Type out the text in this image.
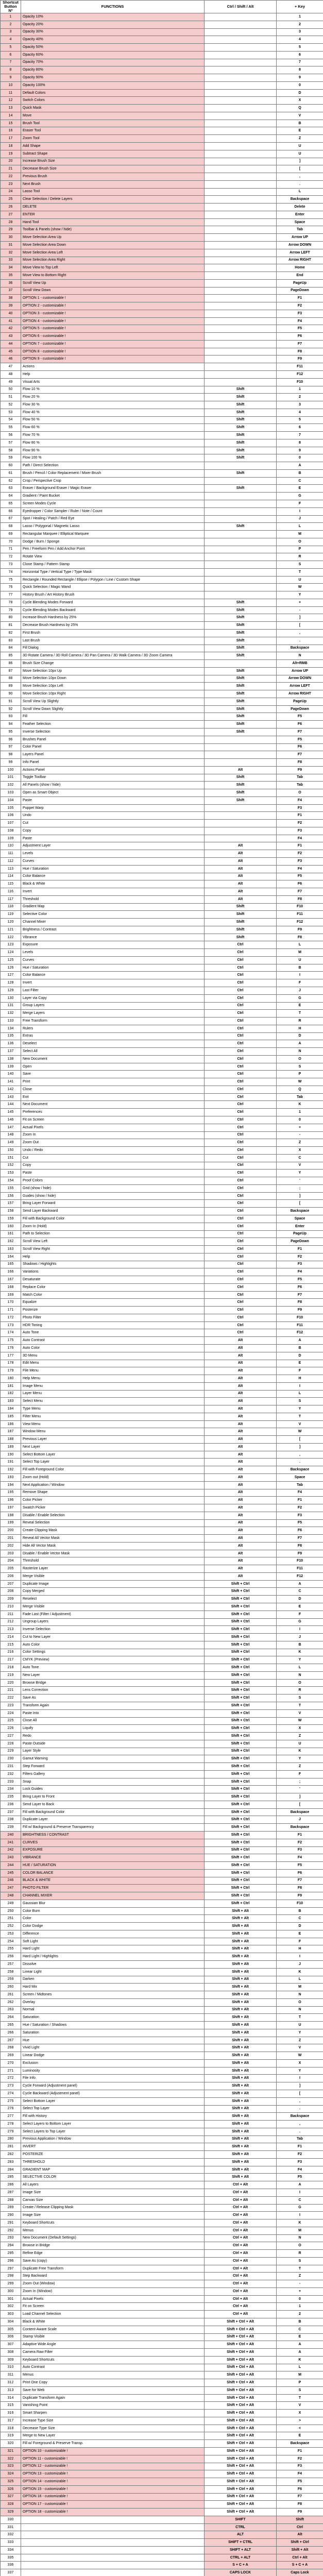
Shortcut Button Nº	FUNCTIONS	Ctrl / Shift / Alt	+ Key
1	Opacity 10%		1
2	Opacity 20%		2
3	Opacity 30%		3
4	Opacity 40%		4
5	Opacity 50%		5
6	Opacity 60%		6
7	Opacity 70%		7
8	Opacity 80%		8
9	Opacity 90%		9
10	Opacity 100%		0
11	Default Colors		D
12	Switch Colors		X
13	Quick Mask		Q
14	Move		V
15	Brush Tool		B
16	Eraser Tool		E
17	Zoom Tool		Z
18	Add Shape		U
19	Subtract Shape		U
20	Increase Brush Size		]
21	Decrease Brush Size		[
22	Previous Brush		,
23	Next Brush		.
24	Lasso Tool		L
25	Clear Selection / Delete Layers		Backspace
26	DELETE		Delete
27	ENTER		Enter
28	Hand Tool		Space
29	Toolbar & Panels (show / hide)		Tab
30	Move Selection Area Up		Arrow UP
31	Move Selection Area Down		Arrow DOWN
32	Move Selection Area Left		Arrow LEFT
33	Move Selection Area Right		Arrow RIGHT
34	Move View to Top Left		Home
35	Move View to Bottom Right		End
36	Scroll View Up		PageUp
37	Scroll View Down		PageDown
38	OPTION 1 - customizable !		F1
39	OPTION 2 - customizable !		F2
40	OPTION 3 - customizable !		F3
41	OPTION 4 - customizable !		F4
42	OPTION 5 - customizable !		F5
43	OPTION 6 - customizable !		F6
44	OPTION 7 - customizable !		F7
45	OPTION 8 - customizable !		F8
46	OPTION 9 - customizable !		F9
47	Actions		F11
48	Help		F12
49	Visual Arts		F10
50	Flow 10 %	Shift	1
51	Flow 20 %	Shift	2
52	Flow 30 %	Shift	3
53	Flow 40 %	Shift	4
54	Flow 50 %	Shift	5
55	Flow 60 %	Shift	6
56	Flow 70 %	Shift	7
57	Flow 80 %	Shift	8
58	Flow 90 %	Shift	9
59	Flow 100 %	Shift	0
60	Path / Direct Selection		A
61	Brush / Pencil / Color Replacement / Mixer Brush	Shift	B
62	Crop / Perspective Crop		C
63	Eraser / Background Eraser / Magic Eraser	Shift	E
64	Gradient / Paint Bucket		G
65	Screen Modes Cycle		F
66	Eyedropper / Color Sampler / Ruler / Note / Count		I
67	Spot / Healing / Patch / Red Eye		J
68	Lasso / Polygonal / Magnetic Lasso	Shift	L
69	Rectangular Marquee / Elliptical Marquee		M
70	Dodge / Burn / Sponge		O
71	Pen / Freeform Pen / Add Anchor Point		P
72	Rotate View		R
73	Clone Stamp / Pattern Stamp		S
74	Horizontal Type / Vertical Type / Type Mask		T
75	Rectangle / Rounded Rectangle / Ellipse / Polygon / Line / Custom Shape		U
76	Quick Selection / Magic Wand		W
77	History Brush / Art History Brush		Y
78	Cycle Blending Modes Forward	Shift	+
79	Cycle Blending Modes Backward	Shift	-
80	Increase Brush Hardness by 25%	Shift	]
81	Decrease Brush Hardness by 25%	Shift	[
82	First Brush	Shift	,
83	Last Brush	Shift	.
84	Fill Dialog	Shift	Backspace
85	3D Rotate Camera / 3D Roll Camera / 3D Pan Camera / 3D Walk Camera / 3D Zoom Camera	Shift	N
86	Brush Size Change		Alt+RMB
87	Move Selection 10px Up	Shift	Arrow UP
88	Move Selection 10px Down	Shift	Arrow DOWN
89	Move Selection 10px Left	Shift	Arrow LEFT
90	Move Selection 10px Right	Shift	Arrow RIGHT
91	Scroll View Up Slightly	Shift	PageUp
92	Scroll View Down Slightly	Shift	PageDown
93	Fill	Shift	F5
94	Feather Selection	Shift	F6
95	Inverse Selection	Shift	F7
96	Brushes Panel		F5
97	Color Panel		F6
98	Layers Panel		F7
99	Info Panel		F8
100	Actions Panel	Alt	F9
101	Toggle Toolbar	Shift	Tab
102	All Panels (show / hide)	Shift	Tab
103	Open as Smart Object	Shift	O
104	Paste	Shift	F4
105	Puppet Warp		F3
106	Undo		F1
107	Cut		F2
108	Copy		F3
109	Paste		F4
110	Adjustment Layer	Alt	F1
111	Levels	Alt	F2
112	Curves	Alt	F3
113	Hue / Saturation	Alt	F4
114	Color Balance	Alt	F5
115	Black & White	Alt	F6
116	Invert	Alt	F7
117	Threshold	Alt	F8
118	Gradient Map	Shift	F10
119	Selective Color	Shift	F11
120	Channel Mixer	Shift	F12
121	Brightness / Contrast	Shift	F9
122	Vibrance	Shift	F8
123	Exposure	Ctrl	L
124	Levels	Ctrl	M
125	Curves	Ctrl	U
126	Hue / Saturation	Ctrl	B
127	Color Balance	Ctrl	I
128	Invert	Ctrl	F
129	Last Filter	Ctrl	J
130	Layer via Copy	Ctrl	G
131	Group Layers	Ctrl	E
132	Merge Layers	Ctrl	T
133	Free Transform	Ctrl	R
134	Rulers	Ctrl	H
135	Extras	Ctrl	D
136	Deselect	Ctrl	A
137	Select All	Ctrl	N
138	New Document	Ctrl	O
139	Open	Ctrl	S
140	Save	Ctrl	P
141	Print	Ctrl	W
142	Close	Ctrl	Q
143	Exit	Ctrl	Tab
144	Next Document	Ctrl	K
145	Preferences	Ctrl	1
146	Fit on Screen	Ctrl	0
147	Actual Pixels	Ctrl	+
148	Zoom In	Ctrl	-
149	Zoom Out	Ctrl	Z
150	Undo / Redo	Ctrl	X
151	Cut	Ctrl	C
152	Copy	Ctrl	V
153	Paste	Ctrl	Y
154	Proof Colors	Ctrl	'
155	Grid (show / hide)	Ctrl	;
156	Guides (show / hide)	Ctrl	]
157	Bring Layer Forward	Ctrl	[
158	Send Layer Backward	Ctrl	Backspace
159	Fill with Background Color	Ctrl	Space
160	Zoom In (Hold)	Ctrl	Enter
161	Path to Selection	Ctrl	PageUp
162	Scroll View Left	Ctrl	PageDown
163	Scroll View Right	Ctrl	F1
164	Help	Ctrl	F2
165	Shadows / Highlights	Ctrl	F3
166	Variations	Ctrl	F4
167	Desaturate	Ctrl	F5
168	Replace Color	Ctrl	F6
169	Match Color	Ctrl	F7
170	Equalize	Ctrl	F8
171	Posterize	Ctrl	F9
172	Photo Filter	Ctrl	F10
173	HDR Toning	Ctrl	F11
174	Auto Tone	Ctrl	F12
175	Auto Contrast	Alt	A
176	Auto Color	Alt	B
177	3D Menu	Alt	D
178	Edit Menu	Alt	E
179	File Menu	Alt	F
180	Help Menu	Alt	H
181	Image Menu	Alt	I
182	Layer Menu	Alt	L
183	Select Menu	Alt	S
184	Type Menu	Alt	Y
185	Filter Menu	Alt	T
186	View Menu	Alt	V
187	Window Menu	Alt	W
188	Previous Layer	Alt	[
189	Next Layer	Alt	]
190	Select Bottom Layer	Alt	,
191	Select Top Layer	Alt	.
192	Fill with Foreground Color	Alt	Backspace
193	Zoom out (Hold)	Alt	Space
194	Next Application / Window	Alt	Tab
195	Remove Shape	Alt	F4
196	Color Picker	Alt	F1
197	Swatch Picker	Alt	F2
198	Disable / Enable Selection	Alt	F3
199	Reveal Selection	Alt	F5
200	Create Clipping Mask	Alt	F6
201	Reveal All Vector Mask	Alt	F7
202	Hide All Vector Mask	Alt	F8
203	Disable / Enable Vector Mask	Alt	F9
204	Threshold	Alt	F10
205	Rasterize Layer	Alt	F11
206	Merge Visible	Alt	F12
207	Duplicate Image	Shift + Ctrl	A
208	Copy Merged	Shift + Ctrl	C
209	Reselect	Shift + Ctrl	D
210	Merge Visible	Shift + Ctrl	E
211	Fade Last (Filter / Adjustment)	Shift + Ctrl	F
212	Ungroup Layers	Shift + Ctrl	G
213	Inverse Selection	Shift + Ctrl	I
214	Cut to New Layer	Shift + Ctrl	J
215	Auto Color	Shift + Ctrl	B
216	Color Settings	Shift + Ctrl	K
217	CMYK (Preview)	Shift + Ctrl	Y
218	Auto Tone	Shift + Ctrl	L
219	New Layer	Shift + Ctrl	N
220	Browse Bridge	Shift + Ctrl	O
221	Lens Correction	Shift + Ctrl	R
222	Save As	Shift + Ctrl	S
223	Transform Again	Shift + Ctrl	T
224	Paste Into	Shift + Ctrl	V
225	Close All	Shift + Ctrl	W
226	Liquify	Shift + Ctrl	X
227	Redo	Shift + Ctrl	Z
228	Paste Outside	Shift + Ctrl	U
229	Layer Style	Shift + Ctrl	K
230	Gamut Warning	Shift + Ctrl	Y
231	Step Forward	Shift + Ctrl	Z
232	Filters Gallery	Shift + Ctrl	F
233	Snap	Shift + Ctrl	;
234	Lock Guides	Shift + Ctrl	'
235	Bring Layer to Front	Shift + Ctrl	]
236	Send Layer to Back	Shift + Ctrl	[
237	Fill with Background Color	Shift + Ctrl	Backspace
238	Duplicate Layer	Shift + Ctrl	J
239	Fill w/ Background & Preserve Transparency	Shift + Ctrl	Backspace
240	BRIGHTNESS / CONTRAST	Shift + Ctrl	F1
241	CURVES	Shift + Ctrl	F2
242	EXPOSURE	Shift + Ctrl	F3
243	VIBRANCE	Shift + Ctrl	F4
244	HUE / SATURATION	Shift + Ctrl	F5
245	COLOR BALANCE	Shift + Ctrl	F6
246	BLACK & WHITE	Shift + Ctrl	F7
247	PHOTO FILTER	Shift + Ctrl	F8
248	CHANNEL MIXER	Shift + Ctrl	F9
249	Gaussian Blur	Shift + Ctrl	F10
250	Color Burn	Shift + Alt	B
251	Color	Shift + Alt	C
252	Color Dodge	Shift + Alt	D
253	Difference	Shift + Alt	E
254	Soft Light	Shift + Alt	F
255	Hard Light	Shift + Alt	H
256	Hard Light / Highlights	Shift + Alt	I
257	Dissolve	Shift + Alt	J
258	Linear Light	Shift + Alt	K
259	Darken	Shift + Alt	L
260	Hard Mix	Shift + Alt	M
261	Screen / Midtones	Shift + Alt	N
262	Overlay	Shift + Alt	O
263	Normal	Shift + Alt	N
264	Saturation	Shift + Alt	T
265	Hue / Saturation / Shadows	Shift + Alt	U
266	Saturation	Shift + Alt	Y
267	Hue	Shift + Alt	Z
268	Vivid Light	Shift + Alt	V
269	Linear Dodge	Shift + Alt	W
270	Exclusion	Shift + Alt	X
271	Luminosity	Shift + Alt	Y
272	File Info	Shift + Alt	I
273	Cycle Forward (Adjustment panel)	Shift + Alt	]
274	Cycle Backward (Adjustment panel)	Shift + Alt	[
275	Select Bottom Layer	Shift + Alt	,
276	Select Top Layer	Shift + Alt	.
277	Fill with History	Shift + Alt	Backspace
278	Select Layers to Bottom Layer	Shift + Alt	,
279	Select Layers to Top Layer	Shift + Alt	.
280	Previous Application / Window	Shift + Alt	Tab
281	INVERT	Shift + Alt	F1
282	POSTERIZE	Shift + Alt	F2
283	THRESHOLD	Shift + Alt	F3
284	GRADIENT MAP	Shift + Alt	F4
285	SELECTIVE COLOR	Shift + Alt	F5
286	All Layers	Ctrl + Alt	A
287	Image Size	Ctrl + Alt	I
288	Canvas Size	Ctrl + Alt	C
289	Create / Release Clipping Mask	Ctrl + Alt	G
290	Image Size	Ctrl + Alt	I
291	Keyboard Shortcuts	Ctrl + Alt	K
292	Menus	Ctrl + Alt	M
293	New Document (Default Settings)	Ctrl + Alt	N
294	Browse in Bridge	Ctrl + Alt	O
295	Refine Edge	Ctrl + Alt	R
296	Save As (copy)	Ctrl + Alt	S
297	Duplicate Free Transform	Ctrl + Alt	T
298	Step Backward	Ctrl + Alt	Z
299	Zoom Out (Window)	Ctrl + Alt	-
300	Zoom In (Window)	Ctrl + Alt	+
301	Actual Pixels	Ctrl + Alt	0
302	Fit on Screen	Ctrl + Alt	1
303	Load Channel Selection	Ctrl + Alt	2
304	Black & White	Shift + Ctrl + Alt	B
305	Content-Aware Scale	Shift + Ctrl + Alt	C
306	Stamp Visible	Shift + Ctrl + Alt	E
307	Adaptive Wide Angle	Shift + Ctrl + Alt	A
308	Camera Raw Filter	Shift + Ctrl + Alt	A
309	Keyboard Shortcuts	Shift + Ctrl + Alt	K
310	Auto Contrast	Shift + Ctrl + Alt	L
311	Menus	Shift + Ctrl + Alt	M
312	Print One Copy	Shift + Ctrl + Alt	P
313	Save for Web	Shift + Ctrl + Alt	S
314	Duplicate Transform Again	Shift + Ctrl + Alt	T
315	Vanishing Point	Shift + Ctrl + Alt	V
316	Smart Sharpen	Shift + Ctrl + Alt	X
317	Increase Type Size	Shift + Ctrl + Alt	>
318	Decrease Type Size	Shift + Ctrl + Alt	<
319	Merge to New Layer	Shift + Ctrl + Alt	E
320	Fill w/ Foreground & Preserve Transp.	Shift + Ctrl + Alt	Backspace
321	OPTION 10 - customizable !	Shift + Ctrl + Alt	F1
322	OPTION 11 - customizable !	Shift + Ctrl + Alt	F2
323	OPTION 12 - customizable !	Shift + Ctrl + Alt	F3
324	OPTION 13 - customizable !	Shift + Ctrl + Alt	F4
325	OPTION 14 - customizable !	Shift + Ctrl + Alt	F5
326	OPTION 15 - customizable !	Shift + Ctrl + Alt	F6
327	OPTION 16 - customizable !	Shift + Ctrl + Alt	F7
328	OPTION 17 - customizable !	Shift + Ctrl + Alt	F8
329	OPTION 18 - customizable !	Shift + Ctrl + Alt	F9
330		SHIFT	Shift
331		CTRL	Ctrl
332		ALT	Alt
333		SHIFT + CTRL	Shift + Ctrl
334		SHIFT + ALT	Shift + Alt
335		CTRL + ALT	Ctrl + Alt
336		S + C + A	S + C + A
337		CAPS LOCK	Caps Lock
